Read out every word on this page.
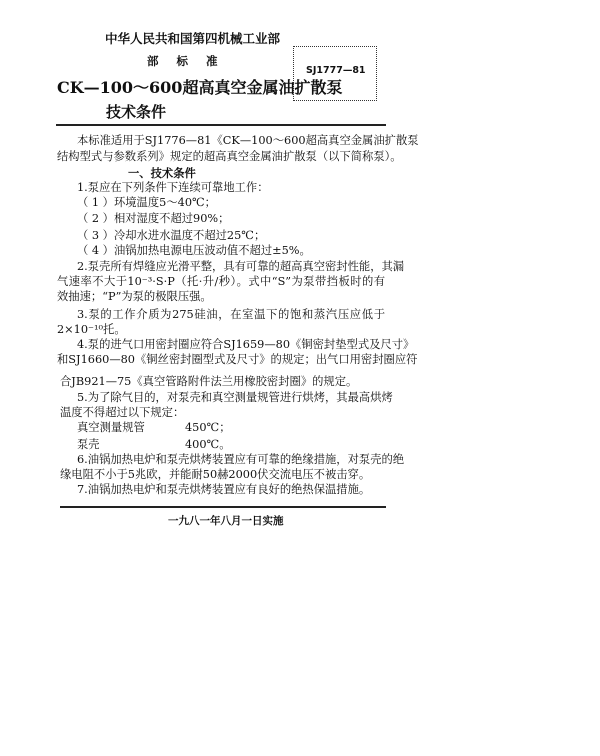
中华人民共和国第四机械工业部
部 标 准
SJ1777—81
CK—100～600超高真空金属油扩散泵
技术条件
本标准适用于SJ1776—81《CK—100～600超高真空金属油扩散泵
结构型式与参数系列》规定的超高真空金属油扩散泵（以下简称泵）。
一、技术条件
1.泵应在下列条件下连续可靠地工作：
（ 1 ）环境温度5～40℃；
（ 2 ）相对湿度不超过90%；
（ 3 ）冷却水进水温度不超过25℃；
（ 4 ）油锅加热电源电压波动值不超过±5%。
2.泵壳所有焊缝应光滑平整，具有可靠的超高真空密封性能，其漏
气速率不大于10⁻³·S·P（托·升/秒）。式中“S”为泵带挡板时的有
效抽速；“P”为泵的极限压强。
3.泵的工作介质为275硅油，在室温下的饱和蒸汽压应低于
2×10⁻¹⁰托。
4.泵的进气口用密封圈应符合SJ1659—80《铜密封垫型式及尺寸》
和SJ1660—80《铜丝密封圈型式及尺寸》的规定；出气口用密封圈应符
合JB921—75《真空管路附件法兰用橡胶密封圈》的规定。
5.为了除气目的，对泵壳和真空测量规管进行烘烤，其最高烘烤
温度不得超过以下规定：
真空测量规管	450℃；
泵壳	400℃。
6.油锅加热电炉和泵壳烘烤装置应有可靠的绝缘措施，对泵壳的绝
缘电阻不小于5兆欧，并能耐50赫2000伏交流电压不被击穿。
7.油锅加热电炉和泵壳烘烤装置应有良好的绝热保温措施。
一九八一年八月一日实施
